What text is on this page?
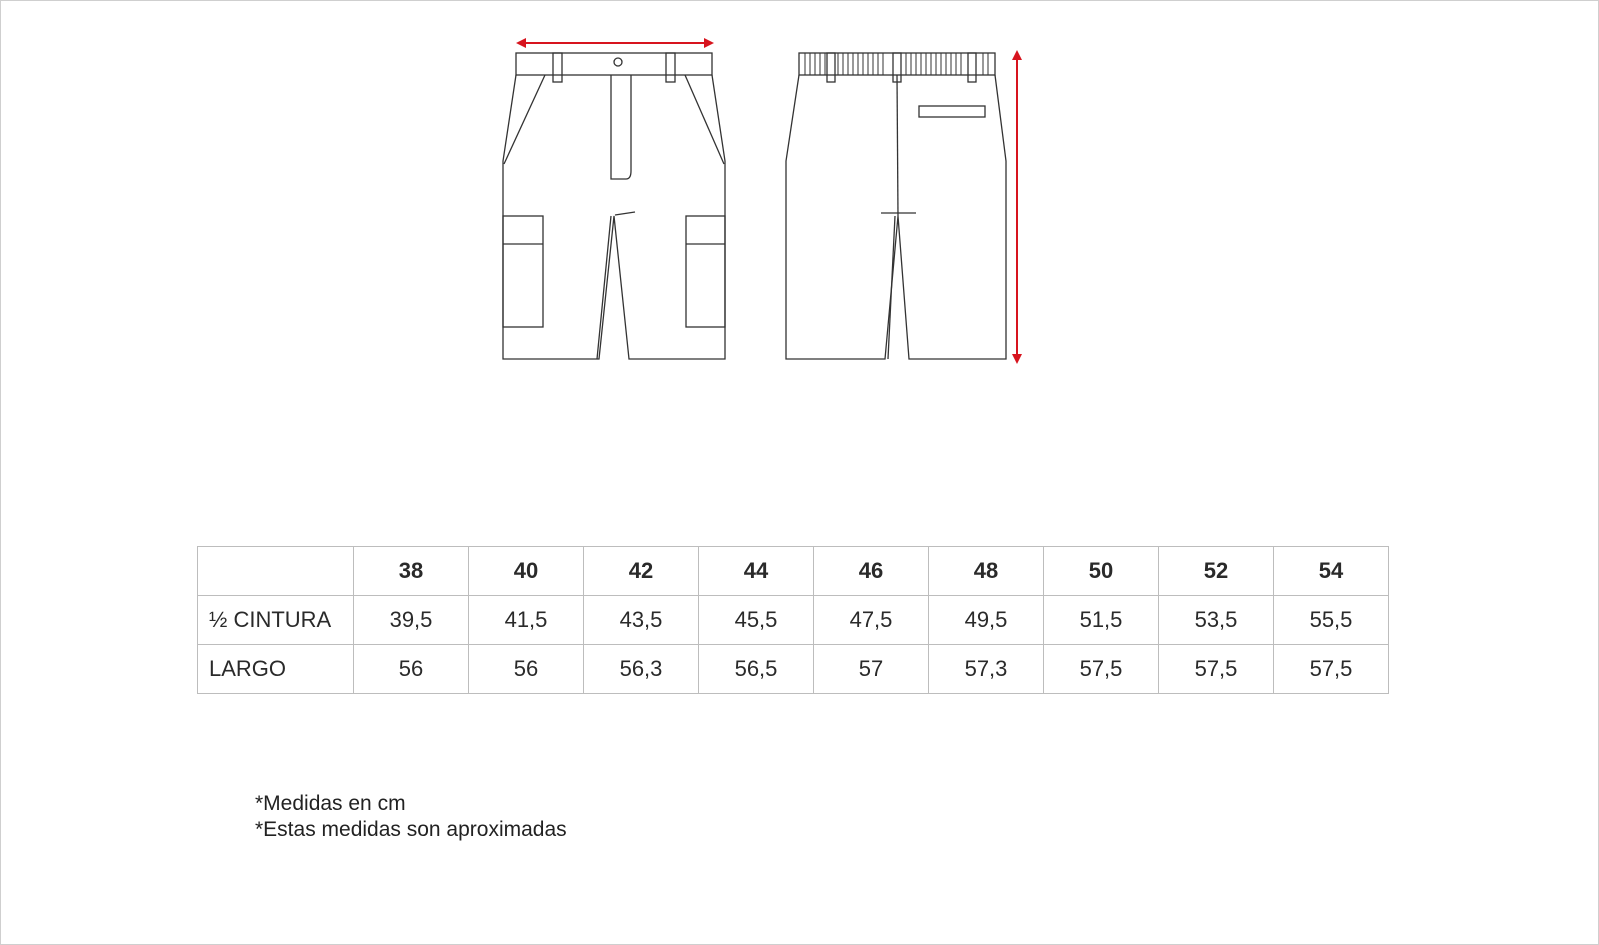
	38	40	42	44	46	48	50	52	54
½ CINTURA	39,5	41,5	43,5	45,5	47,5	49,5	51,5	53,5	55,5
LARGO	56	56	56,3	56,5	57	57,3	57,5	57,5	57,5
*Medidas en cm
*Estas medidas son aproximadas
